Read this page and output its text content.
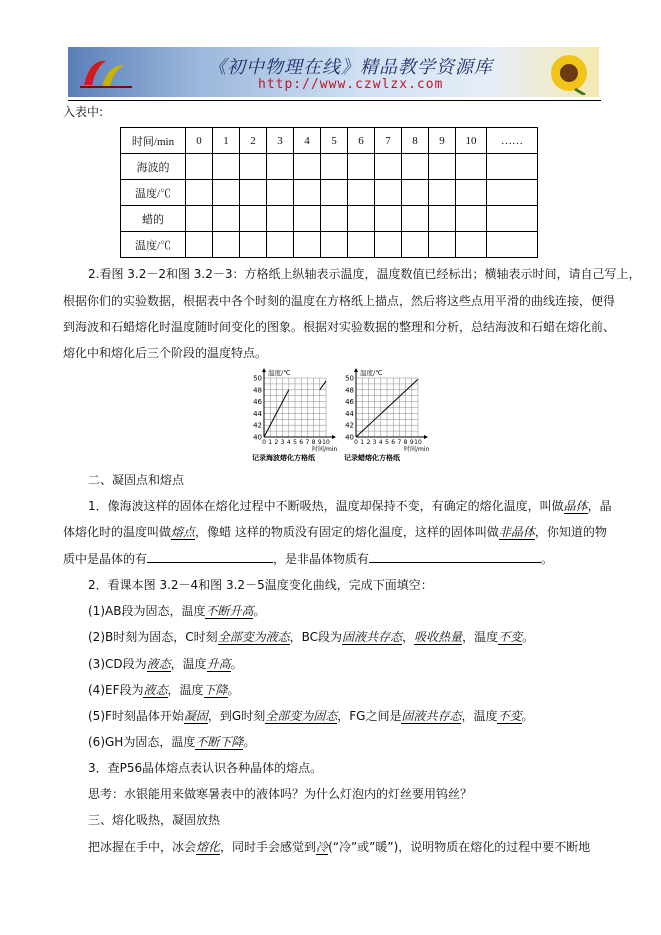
《初中物理在线》精品教学资源库
http://www.czwlzx.com
入表中:
时间/min	0	1	2	3	4	5	6	7	8	9	10	……
海波的												
温度/℃												
蜡的												
温度/℃												
2.看图 3.2－2和图 3.2－3：方格纸上纵轴表示温度，温度数值已经标出；横轴表示时间，请自己写上，
根据你们的实验数据，根据表中各个时刻的温度在方格纸上描点，然后将这些点用平滑的曲线连接，便得
到海波和石蜡熔化时温度随时间变化的图象。根据对实验数据的整理和分析，总结海波和石蜡在熔化前、
熔化中和熔化后三个阶段的温度特点。
40
42
44
46
48
50
0 1 2 3 4 5 6 7 8 9 10
温度/℃
时间/min
记录海波熔化方格纸
40
42
44
46
48
50
0 1 2 3 4 5 6 7 8 9 10
温度/℃
时间/min
记录蜡熔化方格纸
二、凝固点和熔点
1．像海波这样的固体在熔化过程中不断吸热，温度却保持不变，有确定的熔化温度，叫做晶体，晶
体熔化时的温度叫做熔点，像蜡 这样的物质没有固定的熔化温度，这样的固体叫做非晶体，你知道的物
质中是晶体的有	，是非晶体物质有	。
2．看课本图 3.2－4和图 3.2－5温度变化曲线，完成下面填空：
(1)AB段为固态，温度不断升高。
(2)B时刻为固态，C时刻全部变为液态，BC段为固液共存态，吸收热量，温度不变。
(3)CD段为液态，温度升高。
(4)EF段为液态，温度下降。
(5)F时刻晶体开始凝固，到G时刻全部变为固态，FG之间是固液共存态，温度不变。
(6)GH为固态，温度不断下降。
3．查P56晶体熔点表认识各种晶体的熔点。
思考：水银能用来做寒暑表中的液体吗？为什么灯泡内的灯丝要用钨丝？
三、熔化吸热，凝固放热
把冰握在手中，冰会熔化，同时手会感觉到冷(“冷”或”暖”)，说明物质在熔化的过程中要不断地
